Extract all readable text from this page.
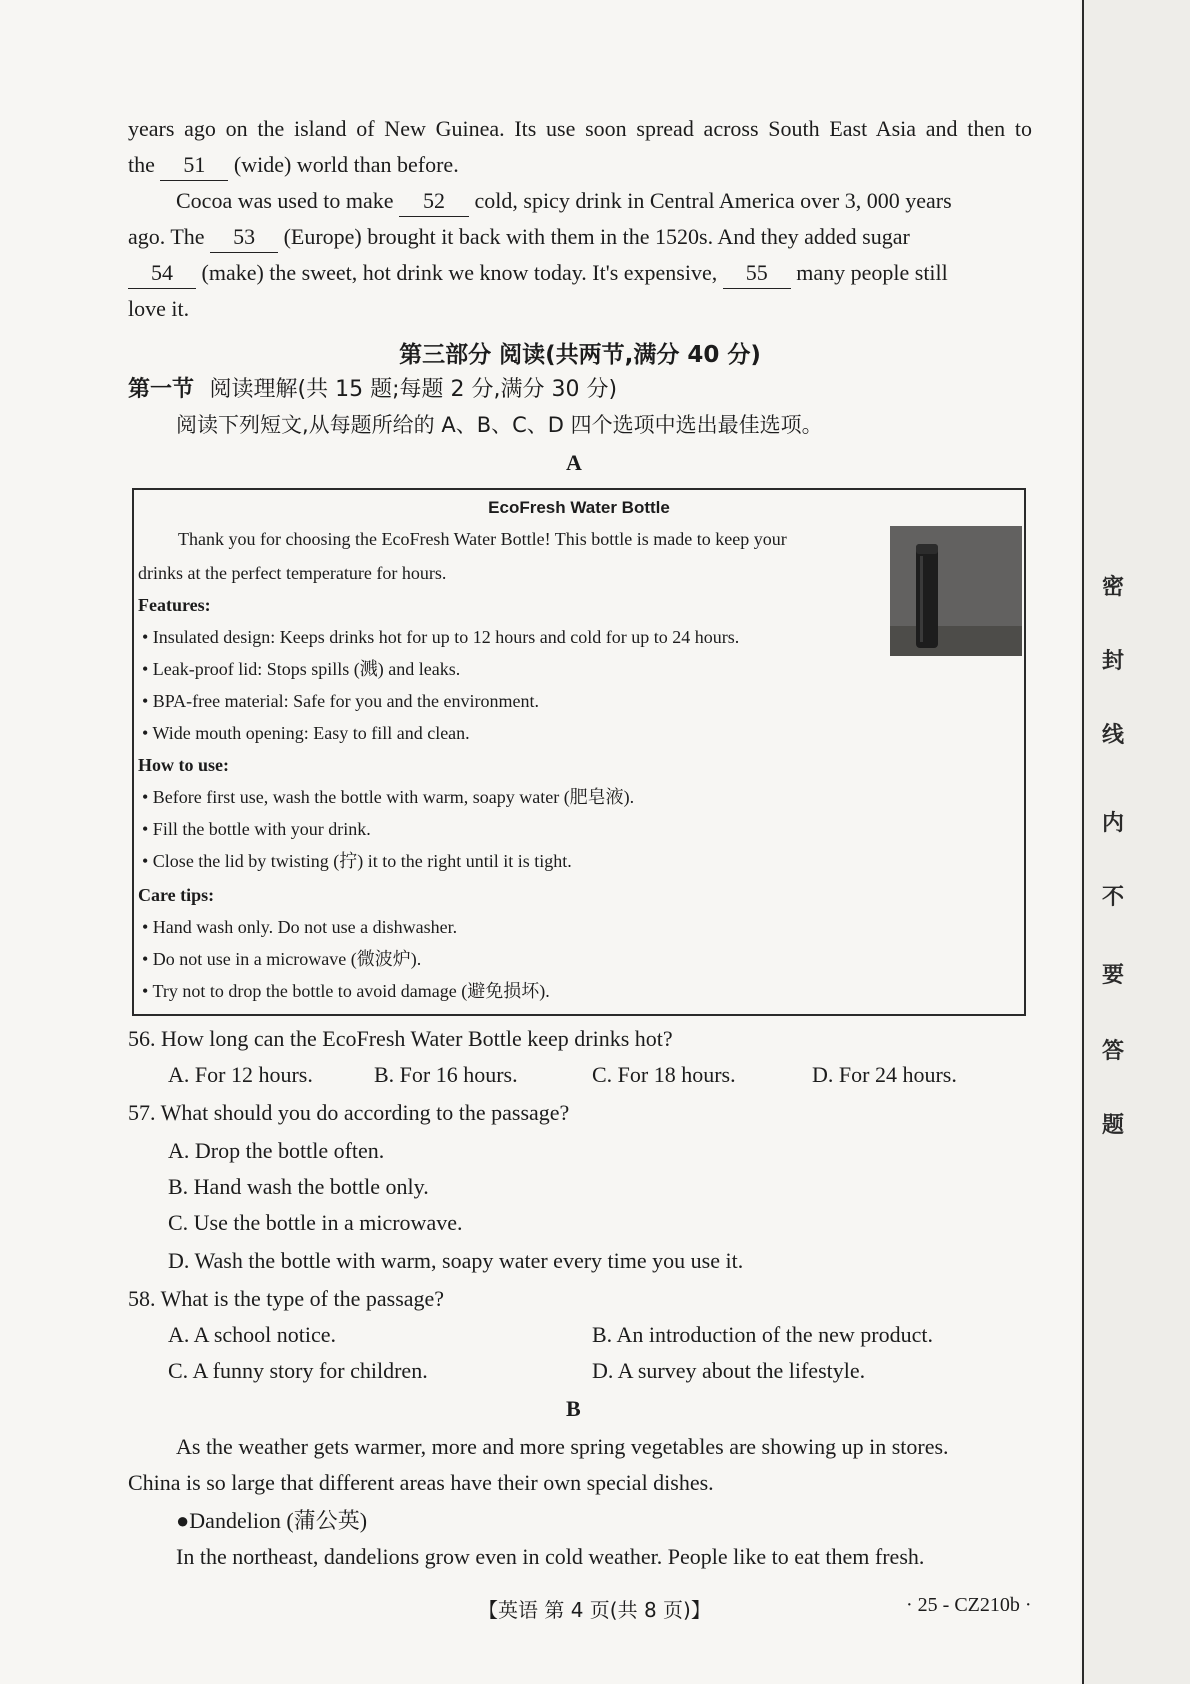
years ago on the island of New Guinea. Its use soon spread across South East Asia and then to
the 51 (wide) world than before.
Cocoa was used to make 52 cold, spicy drink in Central America over 3, 000 years
ago. The 53 (Europe) brought it back with them in the 1520s. And they added sugar
54 (make) the sweet, hot drink we know today. It's expensive, 55 many people still
love it.
第三部分 阅读(共两节,满分 40 分)
第一节 阅读理解(共 15 题;每题 2 分,满分 30 分)
阅读下列短文,从每题所给的 A、B、C、D 四个选项中选出最佳选项。
A
EcoFresh Water Bottle
Thank you for choosing the EcoFresh Water Bottle! This bottle is made to keep your
drinks at the perfect temperature for hours.
Features:
• Insulated design: Keeps drinks hot for up to 12 hours and cold for up to 24 hours.
• Leak-proof lid: Stops spills (溅) and leaks.
• BPA-free material: Safe for you and the environment.
• Wide mouth opening: Easy to fill and clean.
How to use:
• Before first use, wash the bottle with warm, soapy water (肥皂液).
• Fill the bottle with your drink.
• Close the lid by twisting (拧) it to the right until it is tight.
Care tips:
• Hand wash only. Do not use a dishwasher.
• Do not use in a microwave (微波炉).
• Try not to drop the bottle to avoid damage (避免损坏).
56. How long can the EcoFresh Water Bottle keep drinks hot?
A. For 12 hours.	B. For 16 hours.	C. For 18 hours.	D. For 24 hours.
57. What should you do according to the passage?
A. Drop the bottle often.
B. Hand wash the bottle only.
C. Use the bottle in a microwave.
D. Wash the bottle with warm, soapy water every time you use it.
58. What is the type of the passage?
A. A school notice.	B. An introduction of the new product.
C. A funny story for children.	D. A survey about the lifestyle.
B
As the weather gets warmer, more and more spring vegetables are showing up in stores.
China is so large that different areas have their own special dishes.
●Dandelion (蒲公英)
In the northeast, dandelions grow even in cold weather. People like to eat them fresh.
【英语 第 4 页(共 8 页)】	· 25 - CZ210b ·
密
封
线
内
不
要
答
题
